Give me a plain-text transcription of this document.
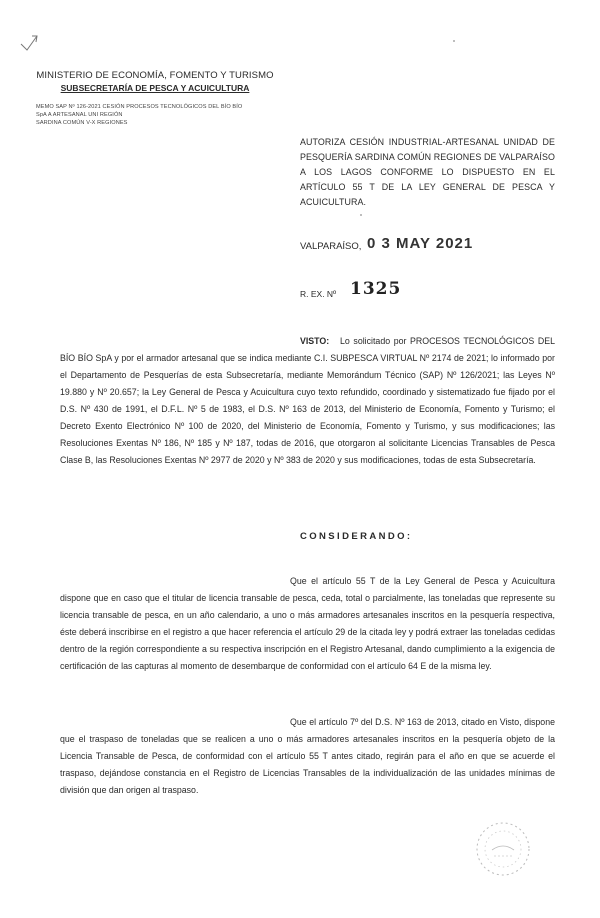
MINISTERIO DE ECONOMÍA, FOMENTO Y TURISMO
SUBSECRETARÍA DE PESCA Y ACUICULTURA
MEMO SAP Nº 126-2021 CESIÓN PROCESOS TECNOLÓGICOS DEL BÍO BÍO
SpA A ARTESANAL UNI REGIÓN
SARDINA COMÚN V-X REGIONES
AUTORIZA CESIÓN INDUSTRIAL-ARTESANAL UNIDAD DE PESQUERÍA SARDINA COMÚN REGIONES DE VALPARAÍSO A LOS LAGOS CONFORME LO DISPUESTO EN EL ARTÍCULO 55 T DE LA LEY GENERAL DE PESCA Y ACUICULTURA.
VALPARAÍSO, 0 3 MAY 2021
R. EX. Nº 1325
VISTO: Lo solicitado por PROCESOS TECNOLÓGICOS DEL BÍO BÍO SpA y por el armador artesanal que se indica mediante C.I. SUBPESCA VIRTUAL Nº 2174 de 2021; lo informado por el Departamento de Pesquerías de esta Subsecretaría, mediante Memorándum Técnico (SAP) Nº 126/2021; las Leyes Nº 19.880 y Nº 20.657; la Ley General de Pesca y Acuicultura cuyo texto refundido, coordinado y sistematizado fue fijado por el D.S. Nº 430 de 1991, el D.F.L. Nº 5 de 1983, el D.S. Nº 163 de 2013, del Ministerio de Economía, Fomento y Turismo; el Decreto Exento Electrónico Nº 100 de 2020, del Ministerio de Economía, Fomento y Turismo, y sus modificaciones; las Resoluciones Exentas Nº 186, Nº 185 y Nº 187, todas de 2016, que otorgaron al solicitante Licencias Transables de Pesca Clase B, las Resoluciones Exentas Nº 2977 de 2020 y Nº 383 de 2020 y sus modificaciones, todas de esta Subsecretaría.
CONSIDERANDO:
Que el artículo 55 T de la Ley General de Pesca y Acuicultura dispone que en caso que el titular de licencia transable de pesca, ceda, total o parcialmente, las toneladas que represente su licencia transable de pesca, en un año calendario, a uno o más armadores artesanales inscritos en la pesquería respectiva, éste deberá inscribirse en el registro a que hacer referencia el artículo 29 de la citada ley y podrá extraer las toneladas cedidas dentro de la región correspondiente a su respectiva inscripción en el Registro Artesanal, dando cumplimiento a la exigencia de certificación de las capturas al momento de desembarque de conformidad con el artículo 64 E de la misma ley.
Que el artículo 7º del D.S. Nº 163 de 2013, citado en Visto, dispone que el traspaso de toneladas que se realicen a uno o más armadores artesanales inscritos en la pesquería objeto de la Licencia Transable de Pesca, de conformidad con el artículo 55 T antes citado, regirán para el año en que se acuerde el traspaso, dejándose constancia en el Registro de Licencias Transables de la individualización de las unidades mínimas de división que dan origen al traspaso.
